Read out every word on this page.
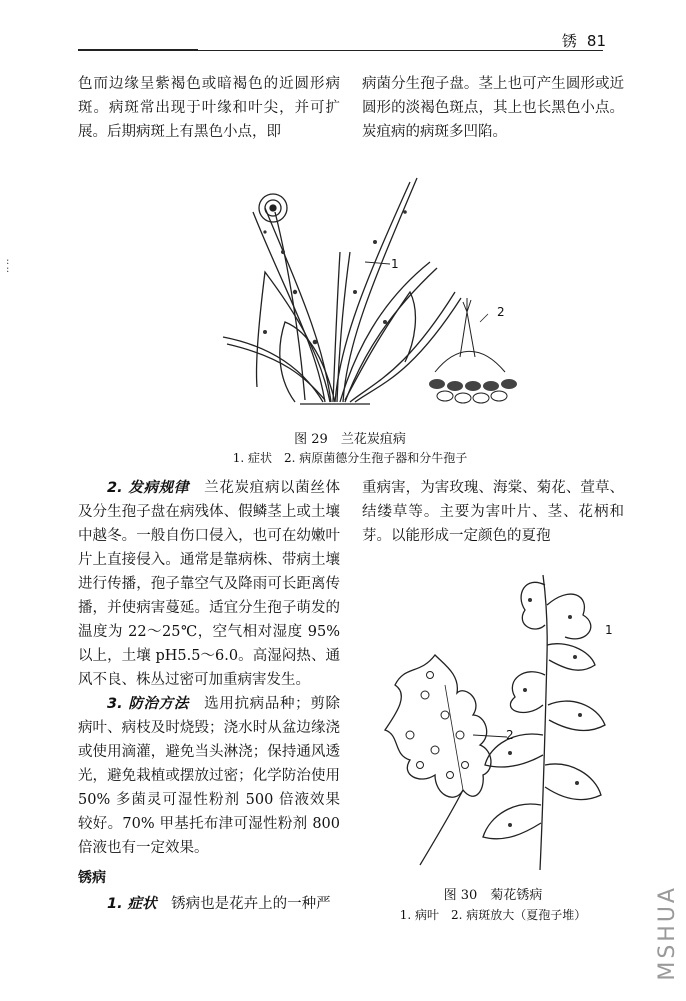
锈 81
:
:

色而边缘呈紫褐色或暗褐色的近圆形病斑。病斑常出现于叶缘和叶尖，并可扩展。后期病斑上有黑色小点，即

病菌分生孢子盘。茎上也可产生圆形或近圆形的淡褐色斑点，其上也长黑色小点。炭疽病的病斑多凹陷。

1
2
图 29　兰花炭疽病
1. 症状　2. 病原菌德分生孢子器和分牛孢子

2. 发病规律　兰花炭疽病以菌丝体及分生孢子盘在病残体、假鳞茎上或土壤中越冬。一般自伤口侵入，也可在幼嫩叶片上直接侵入。通常是靠病株、带病土壤进行传播，孢子靠空气及降雨可长距离传播，并使病害蔓延。适宜分生孢子萌发的温度为 22～25℃，空气相对湿度 95% 以上，土壤 pH5.5～6.0。高湿闷热、通风不良、株丛过密可加重病害发生。

3. 防治方法　选用抗病品种；剪除病叶、病枝及时烧毁；浇水时从盆边缘浇或使用滴灌，避免当头淋浇；保持通风透光，避免栽植或摆放过密；化学防治使用 50% 多菌灵可湿性粉剂 500 倍液效果较好。70% 甲基托布津可湿性粉剂 800 倍液也有一定效果。

锈病

1. 症状　锈病也是花卉上的一种严

重病害，为害玫瑰、海棠、菊花、萱草、结缕草等。主要为害叶片、茎、花柄和芽。以能形成一定颜色的夏孢

1
2
图 30　菊花锈病
1. 病叶　2. 病斑放大（夏孢子堆）	MSHUA
